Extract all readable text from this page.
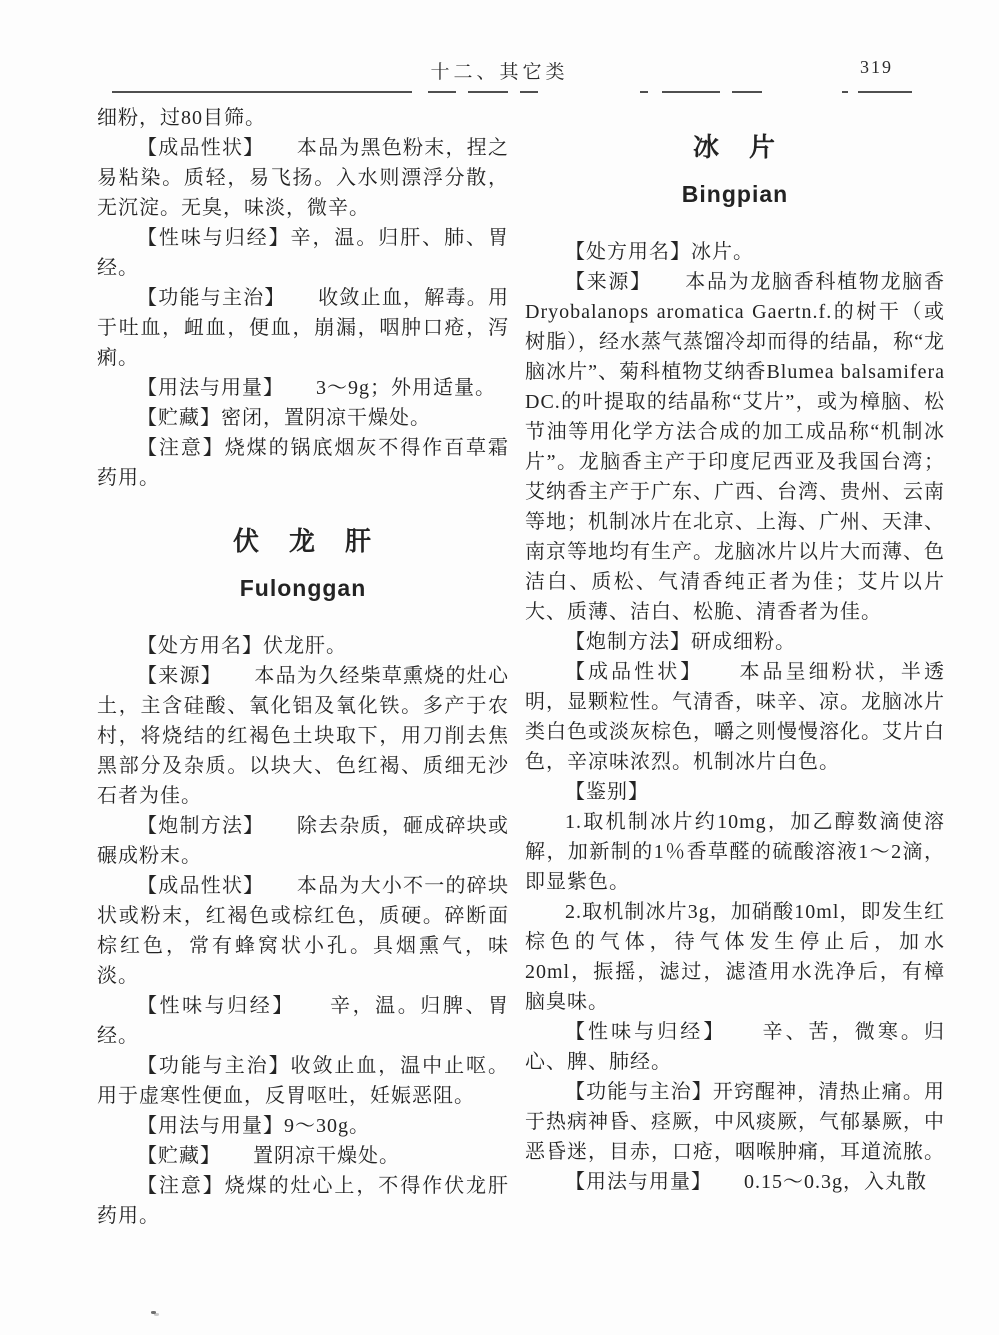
十二、其它类	319

细粉，过80目筛。

【成品性状】　　本品为黑色粉末，捏之易粘染。质轻，易飞扬。入水则漂浮分散，无沉淀。无臭，味淡，微辛。

【性味与归经】辛，温。归肝、肺、胃经。

【功能与主治】　　收敛止血，解毒。用于吐血，衄血，便血，崩漏，咽肿口疮，泻痢。

【用法与用量】　　3～9g；外用适量。

【贮藏】密闭，置阴凉干燥处。

【注意】烧煤的锅底烟灰不得作百草霜药用。

伏　龙　肝
Fulonggan

【处方用名】伏龙肝。

【来源】　　本品为久经柴草熏烧的灶心土，主含硅酸、氧化铝及氧化铁。多产于农村，将烧结的红褐色土块取下，用刀削去焦黑部分及杂质。以块大、色红褐、质细无沙石者为佳。

【炮制方法】　　除去杂质，砸成碎块或碾成粉末。

【成品性状】　　本品为大小不一的碎块状或粉末，红褐色或棕红色，质硬。碎断面棕红色，常有蜂窝状小孔。具烟熏气，味淡。

【性味与归经】　　辛，温。归脾、胃经。

【功能与主治】收敛止血，温中止呕。用于虚寒性便血，反胃呕吐，妊娠恶阻。

【用法与用量】9～30g。

【贮藏】　　置阴凉干燥处。

【注意】烧煤的灶心上，不得作伏龙肝药用。

冰　片
Bingpian

【处方用名】冰片。

【来源】　　本品为龙脑香科植物龙脑香 Dryobalanops aromatica Gaertn.f.的树干（或树脂），经水蒸气蒸馏冷却而得的结晶，称“龙脑冰片”、菊科植物艾纳香Blumea balsamifera　DC.的叶提取的结晶称“艾片”，或为樟脑、松节油等用化学方法合成的加工成品称“机制冰片”。龙脑香主产于印度尼西亚及我国台湾；艾纳香主产于广东、广西、台湾、贵州、云南等地；机制冰片在北京、上海、广州、天津、南京等地均有生产。龙脑冰片以片大而薄、色洁白、质松、气清香纯正者为佳；艾片以片大、质薄、洁白、松脆、清香者为佳。

【炮制方法】研成细粉。

【成品性状】　　本品呈细粉状，半透明，显颗粒性。气清香，味辛、凉。龙脑冰片类白色或淡灰棕色，嚼之则慢慢溶化。艾片白色，辛凉味浓烈。机制冰片白色。

【鉴别】

1.取机制冰片约10mg，加乙醇数滴使溶解，加新制的1％香草醛的硫酸溶液1～2滴，即显紫色。

2.取机制冰片3g，加硝酸10ml，即发生红棕色的气体，待气体发生停止后，加水20ml，振摇，滤过，滤渣用水洗净后，有樟脑臭味。

【性味与归经】　　辛、苦，微寒。归心、脾、肺经。

【功能与主治】开窍醒神，清热止痛。用于热病神昏、痉厥，中风痰厥，气郁暴厥，中恶昏迷，目赤，口疮，咽喉肿痛，耳道流脓。

【用法与用量】　　0.15～0.3g，入丸散
